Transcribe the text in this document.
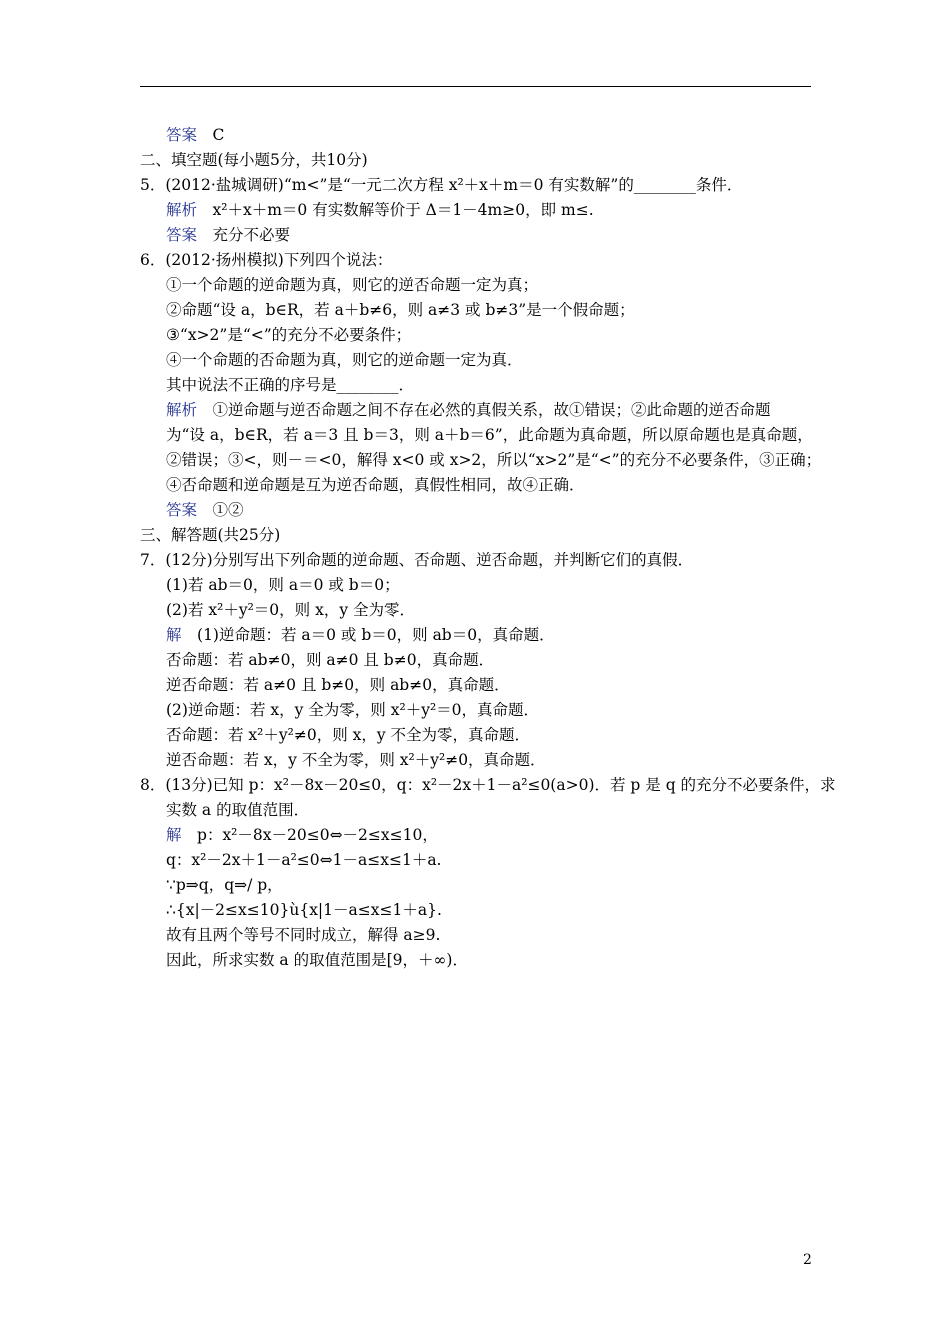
答案　C
二、填空题(每小题5分，共10分)
5．(2012·盐城调研)“m<”是“一元二次方程 x²＋x＋m＝0 有实数解”的________条件．
解析　x²＋x＋m＝0 有实数解等价于 Δ＝1－4m≥0，即 m≤.
答案　充分不必要
6．(2012·扬州模拟)下列四个说法：
①一个命题的逆命题为真，则它的逆否命题一定为真；
②命题“设 a，b∈R，若 a＋b≠6，则 a≠3 或 b≠3”是一个假命题；
③“x>2”是“<”的充分不必要条件；
④一个命题的否命题为真，则它的逆命题一定为真．
其中说法不正确的序号是________．
解析　①逆命题与逆否命题之间不存在必然的真假关系，故①错误；②此命题的逆否命题
为“设 a，b∈R，若 a＝3 且 b＝3，则 a＋b＝6”，此命题为真命题，所以原命题也是真命题，
②错误；③<，则－＝<0，解得 x<0 或 x>2，所以“x>2”是“<”的充分不必要条件，③正确；
④否命题和逆命题是互为逆否命题，真假性相同，故④正确．
答案　①②
三、解答题(共25分)
7．(12分)分别写出下列命题的逆命题、否命题、逆否命题，并判断它们的真假．
(1)若 ab＝0，则 a＝0 或 b＝0；
(2)若 x²＋y²＝0，则 x，y 全为零．
解　(1)逆命题：若 a＝0 或 b＝0，则 ab＝0，真命题．
否命题：若 ab≠0，则 a≠0 且 b≠0，真命题．
逆否命题：若 a≠0 且 b≠0，则 ab≠0，真命题．
(2)逆命题：若 x，y 全为零，则 x²＋y²＝0，真命题．
否命题：若 x²＋y²≠0，则 x，y 不全为零，真命题．
逆否命题：若 x，y 不全为零，则 x²＋y²≠0，真命题．
8．(13分)已知 p：x²－8x－20≤0，q：x²－2x＋1－a²≤0(a>0)．若 p 是 q 的充分不必要条件，求
实数 a 的取值范围．
解　p：x²－8x－20≤0⇔－2≤x≤10，
q：x²－2x＋1－a²≤0⇔1－a≤x≤1＋a.
∵p⇒q，q⇒/ p，
∴{x|－2≤x≤10}ù{x|1－a≤x≤1＋a}.
故有且两个等号不同时成立，解得 a≥9.
因此，所求实数 a 的取值范围是[9，＋∞)．
2
